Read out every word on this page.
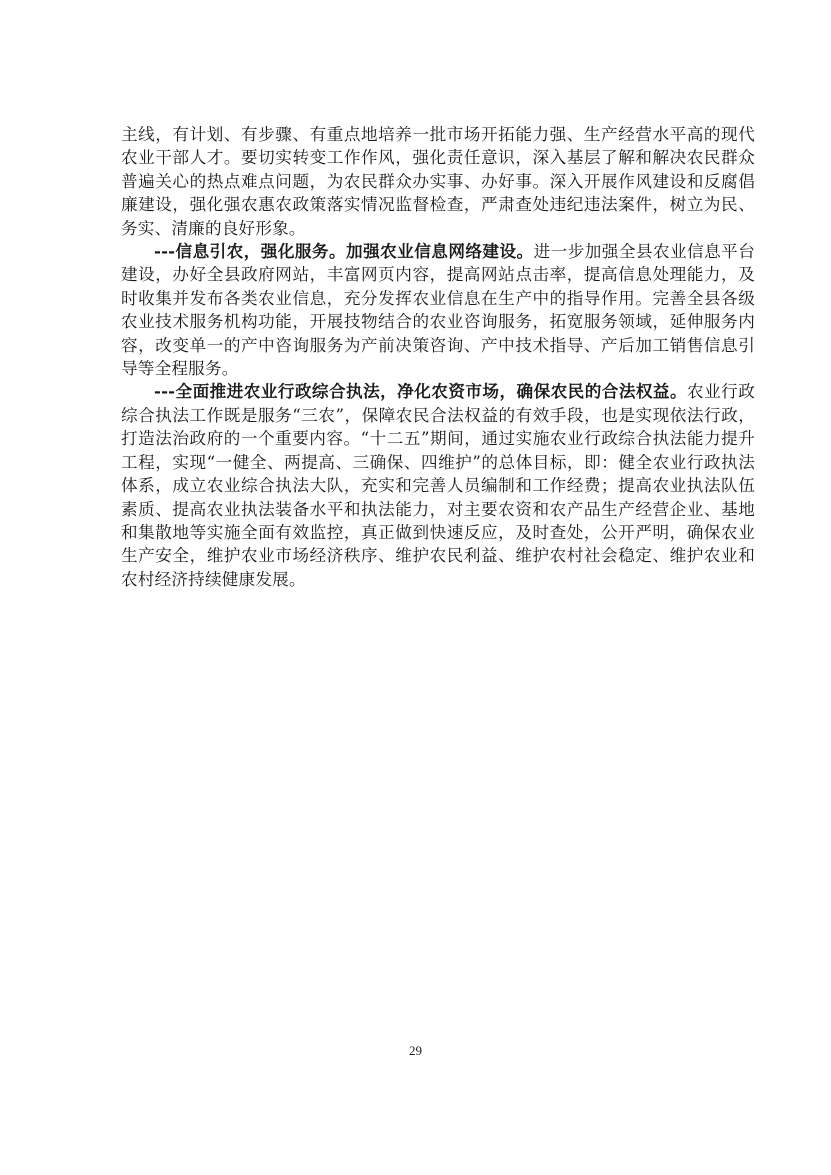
主线，有计划、有步骤、有重点地培养一批市场开拓能力强、生产经营水平高的现代农业干部人才。要切实转变工作作风，强化责任意识，深入基层了解和解决农民群众普遍关心的热点难点问题，为农民群众办实事、办好事。深入开展作风建设和反腐倡廉建设，强化强农惠农政策落实情况监督检查，严肃查处违纪违法案件，树立为民、务实、清廉的良好形象。

---信息引农，强化服务。加强农业信息网络建设。进一步加强全县农业信息平台建设，办好全县政府网站，丰富网页内容，提高网站点击率，提高信息处理能力，及时收集并发布各类农业信息，充分发挥农业信息在生产中的指导作用。完善全县各级农业技术服务机构功能，开展技物结合的农业咨询服务，拓宽服务领域，延伸服务内容，改变单一的产中咨询服务为产前决策咨询、产中技术指导、产后加工销售信息引导等全程服务。

---全面推进农业行政综合执法，净化农资市场，确保农民的合法权益。农业行政综合执法工作既是服务“三农”，保障农民合法权益的有效手段，也是实现依法行政，打造法治政府的一个重要内容。“十二五”期间，通过实施农业行政综合执法能力提升工程，实现“一健全、两提高、三确保、四维护”的总体目标，即：健全农业行政执法体系，成立农业综合执法大队，充实和完善人员编制和工作经费；提高农业执法队伍素质、提高农业执法装备水平和执法能力，对主要农资和农产品生产经营企业、基地和集散地等实施全面有效监控，真正做到快速反应，及时查处，公开严明，确保农业生产安全，维护农业市场经济秩序、维护农民利益、维护农村社会稳定、维护农业和农村经济持续健康发展。

29
